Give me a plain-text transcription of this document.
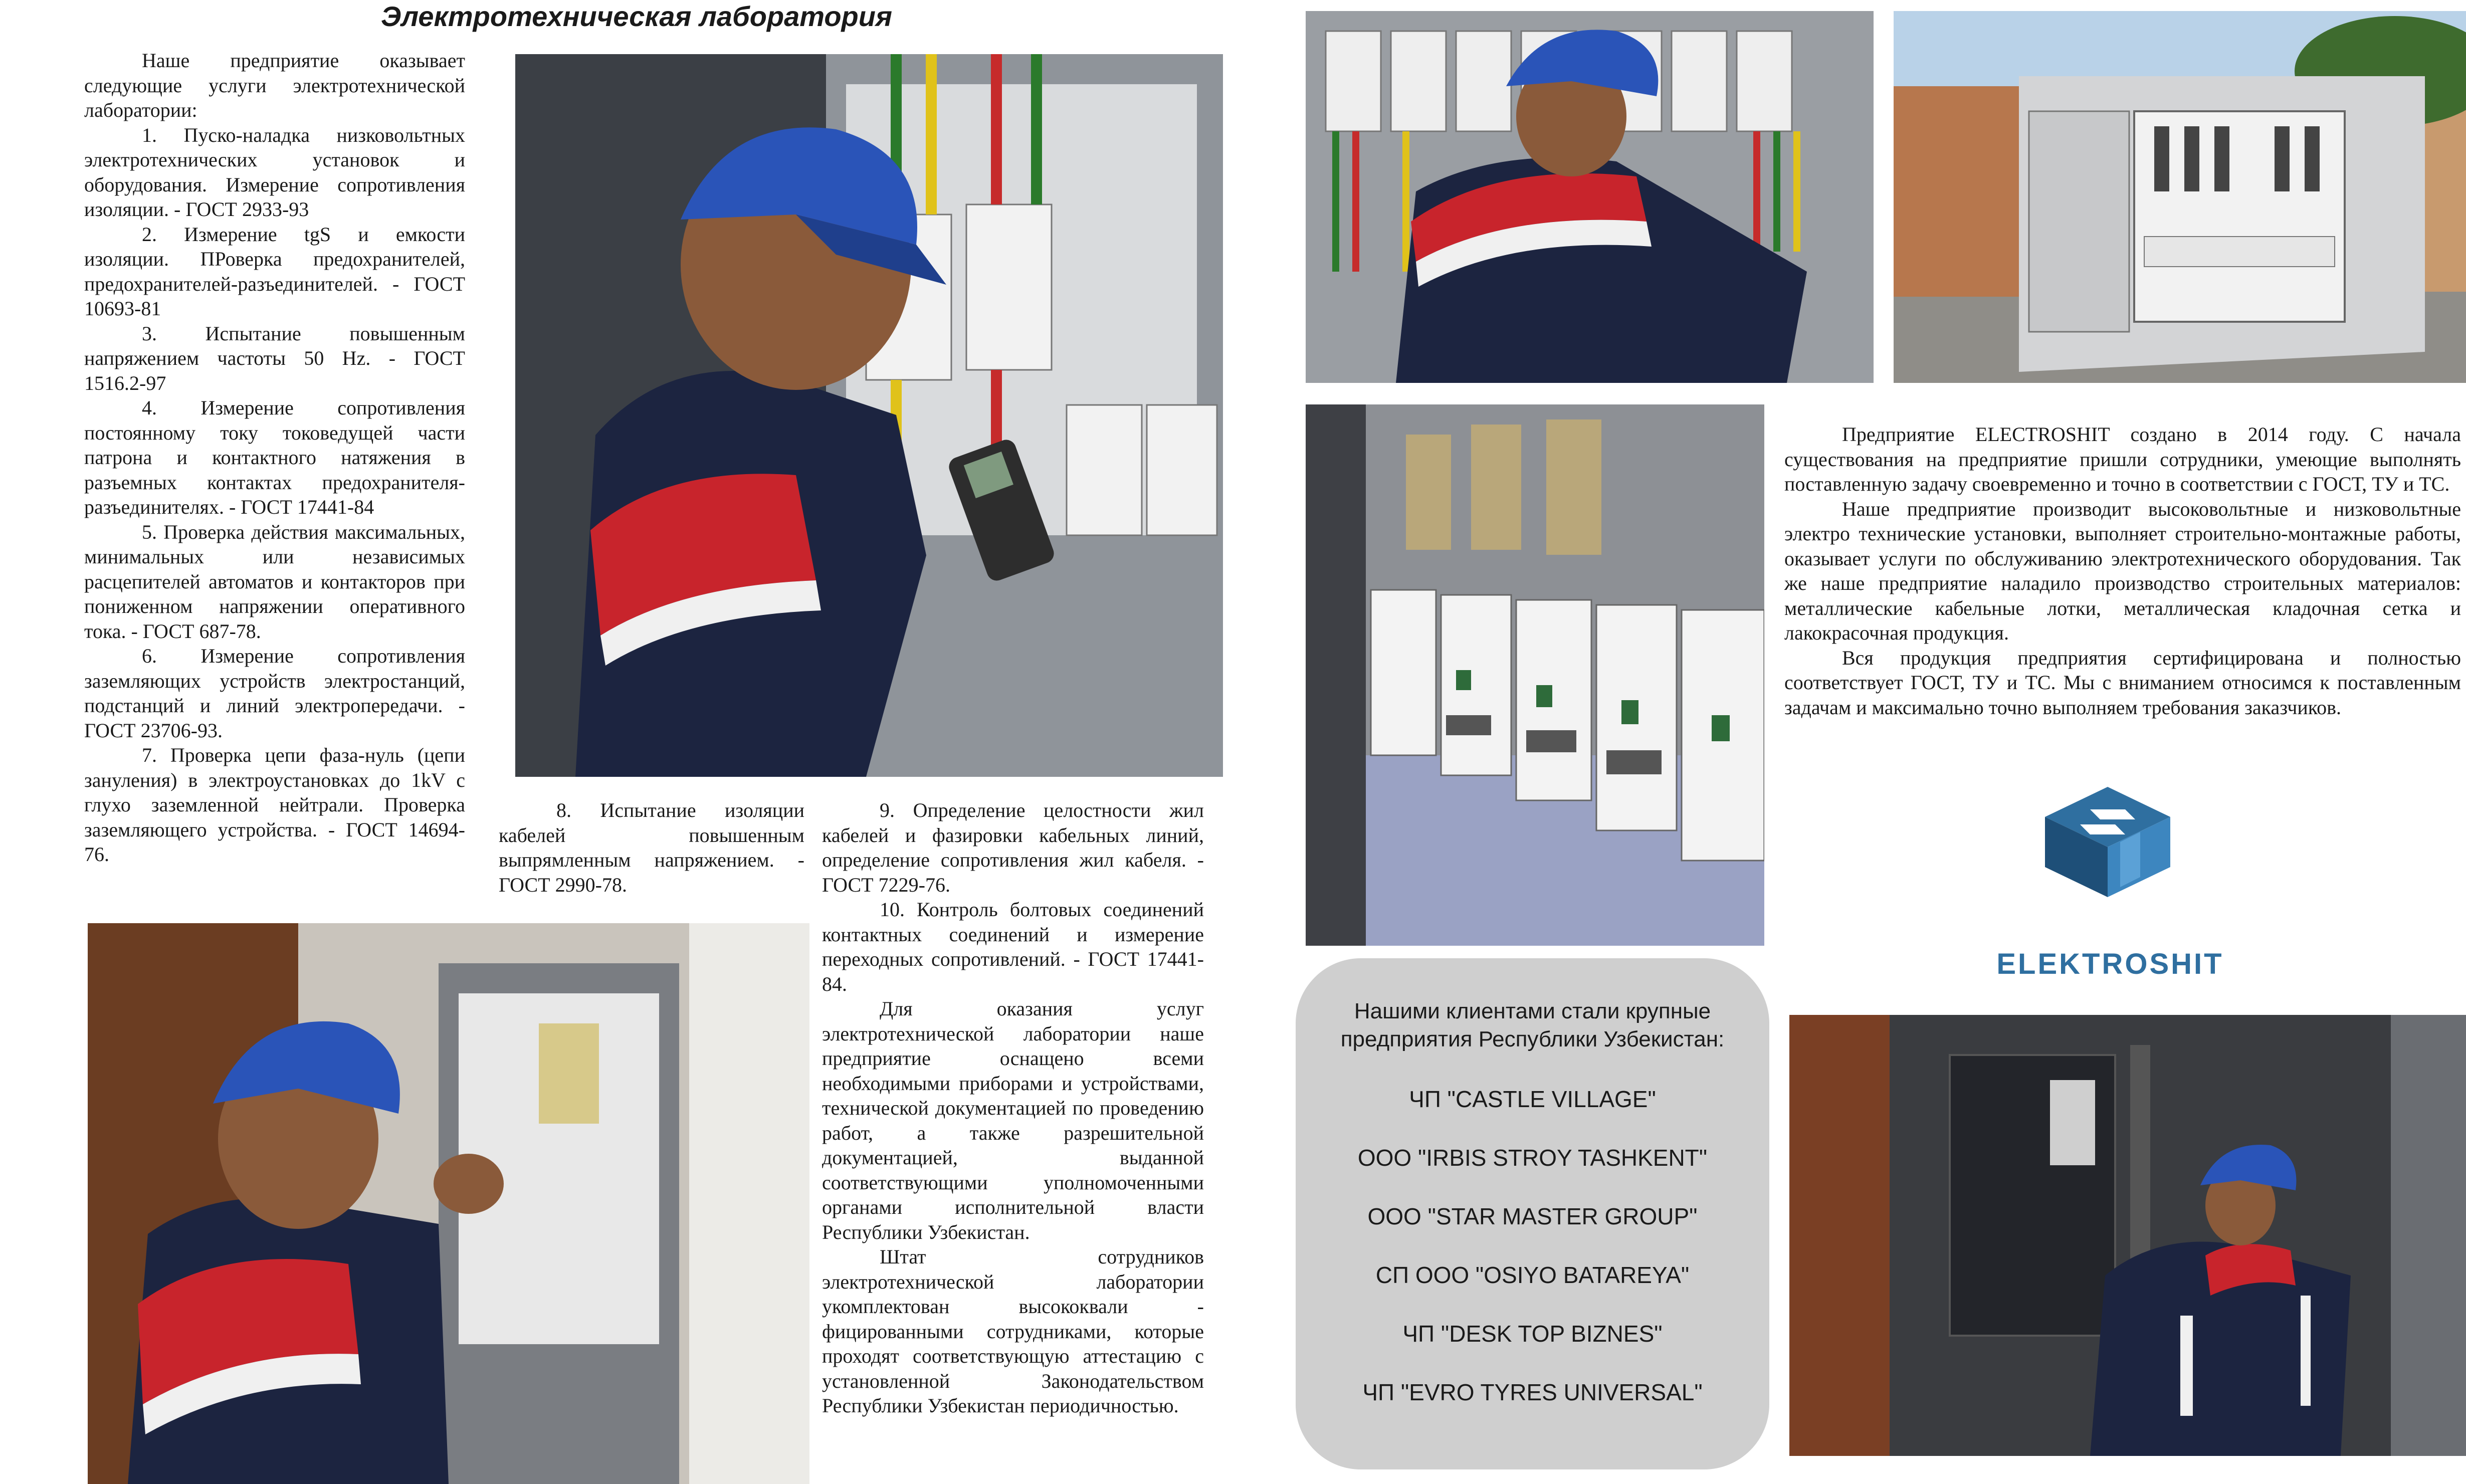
Электротехническая лаборатория

Наше предприятие оказывает следующие услуги электротехнической лаборатории:

1. Пуско-наладка низковольтных электротехнических установок и оборудования. Измерение сопротивления изоляции. - ГОСТ 2933-93

2. Измерение tgS и емкости изоляции. ПРоверка предохранителей, предохранителей-разъединителей. - ГОСТ 10693-81

3. Испытание повышенным напряжением частоты 50 Hz. - ГОСТ 1516.2-97

4. Измерение сопротивления постоянному току токоведущей части патрона и контактного натяжения в разъемных контактах предохранителя-разъединителях. - ГОСТ 17441-84

5. Проверка действия максимальных, минимальных или независимых расцепителей автоматов и контакторов при пониженном напряжении оперативного тока. - ГОСТ 687-78.

6. Измерение сопротивления заземляющих устройств электростанций, подстанций и линий электропередачи. - ГОСТ 23706-93.

7. Проверка цепи фаза-нуль (цепи зануления) в электроустановках до 1kV с глухо заземленной нейтрали. Проверка заземляющего устройства. - ГОСТ 14694-76.

8. Испытание изоляции кабелей повышенным выпрямленным напряжением. - ГОСТ 2990-78.

9. Определение целостности жил кабелей и фазировки кабельных линий, определение сопротивления жил кабеля. - ГОСТ 7229-76.

10. Контроль болтовых соединений контактных соединений и измерение переходных сопротивлений. - ГОСТ 17441-84.

Для оказания услуг электротехнической лаборатории наше предприятие оснащено всеми необходимыми приборами и устройствами, технической документацией по проведению работ, а также разрешительной документацией, выданной соответствующими уполномоченными органами исполнительной власти Республики Узбекистан.

Штат сотрудников электротехнической лаборатории укомплектован высококвали - фицированными сотрудниками, которые проходят соответствующую аттестацию с установленной Законодательством Республики Узбекистан периодичностью.

Предприятие ELECTROSHIT создано в 2014 году. С начала существования на предприятие пришли сотрудники, умеющие выполнять поставленную задачу своевременно и точно в соответствии с ГОСТ, ТУ и ТС.

Наше предприятие производит высоковольтные и низковольтные электро технические установки, выполняет строительно-монтажные работы, оказывает услуги по обслуживанию электротехнического оборудования. Так же наше предприятие наладило производство строительных материалов: металлические кабельные лотки, металлическая кладочная сетка и лакокрасочная продукция.

Вся продукция предприятия сертифицирована и полностью соответствует ГОСТ, ТУ и ТС. Мы с вниманием относимся к поставленным задачам и максимально точно выполняем требования заказчиков.

ELEKTROSHIT

Нашими клиентами стали крупные предприятия Республики Узбекистан:

ЧП "CASTLE VILLAGE"
ООО "IRBIS STROY TASHKENT"
ООО "STAR MASTER GROUP"
СП ООО "OSIYO BATAREYA"
ЧП "DESK TOP BIZNES"
ЧП "EVRO TYRES UNIVERSAL"
